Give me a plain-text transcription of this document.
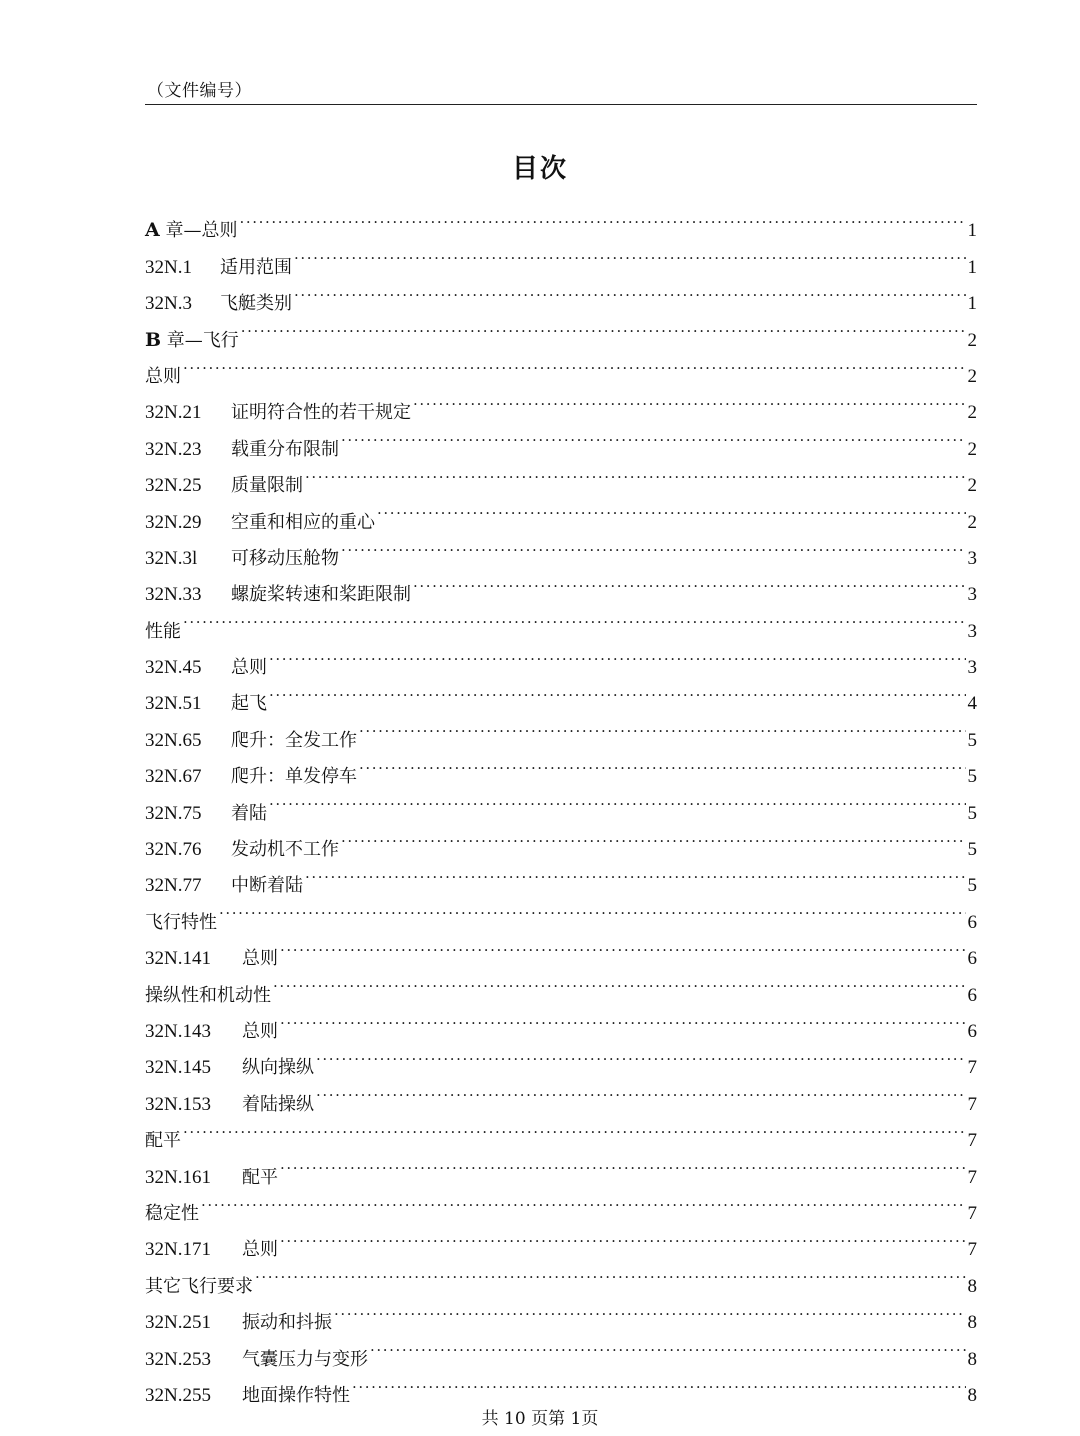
（文件编号）
目次
A 章—总则 .....	1
32N.1 适用范围 .....	1
32N.3 飞艇类别 .....	1
B 章—飞行 .....	2
总则 .....	2
32N.21 证明符合性的若干规定 .....	2
32N.23 载重分布限制 .....	2
32N.25 质量限制 .....	2
32N.29 空重和相应的重心 .....	2
32N.3l 可移动压舱物 .....	3
32N.33 螺旋桨转速和桨距限制 .....	3
性能 .....	3
32N.45 总则 .....	3
32N.51 起飞 .....	4
32N.65 爬升：全发工作 .....	5
32N.67 爬升：单发停车 .....	5
32N.75 着陆 .....	5
32N.76 发动机不工作 .....	5
32N.77 中断着陆 .....	5
飞行特性 .....	6
32N.141 总则 .....	6
操纵性和机动性 .....	6
32N.143 总则 .....	6
32N.145 纵向操纵 .....	7
32N.153 着陆操纵 .....	7
配平 .....	7
32N.161 配平 .....	7
稳定性 .....	7
32N.171 总则 .....	7
其它飞行要求 .....	8
32N.251 振动和抖振 .....	8
32N.253 气囊压力与变形 .....	8
32N.255 地面操作特性 .....	8
共 10 页第 1页
